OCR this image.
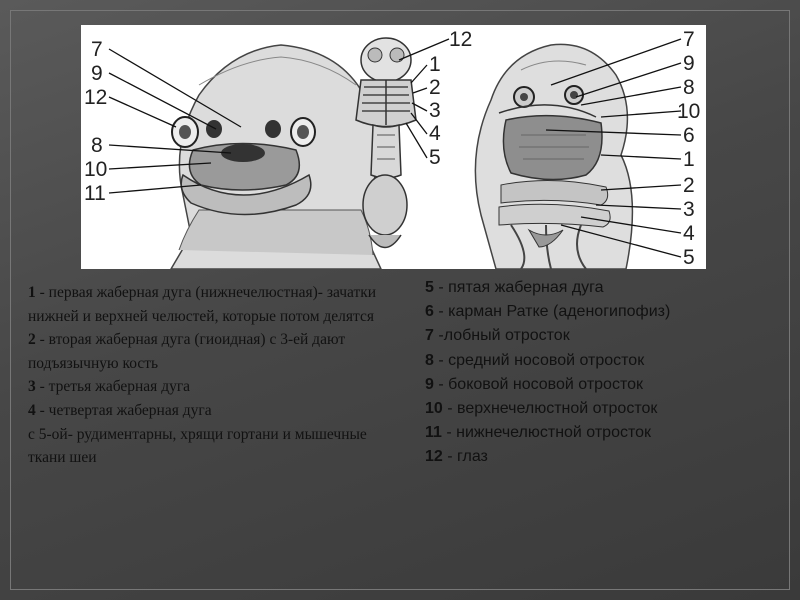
7
9
12
8
10
11
12
1
2
3
4
5
7
9
8
10
6
1
2
3
4
5

1 - первая жаберная дуга (нижнечелюстная)- зачатки нижней и верхней челюстей, которые потом делятся

2 - вторая жаберная дуга (гиоидная) с 3-ей дают подъязычную кость

3 - третья жаберная дуга

4 - четвертая жаберная дуга

с 5-ой- рудиментарны, хрящи гортани и мышечные ткани шеи

5 - пятая жаберная дуга

6 - карман Ратке (аденогипофиз)

7 -лобный отросток

8 - средний носовой отросток

9 - боковой носовой отросток

10 - верхнечелюстной отросток

11 - нижнечелюстной отросток

12 - глаз
